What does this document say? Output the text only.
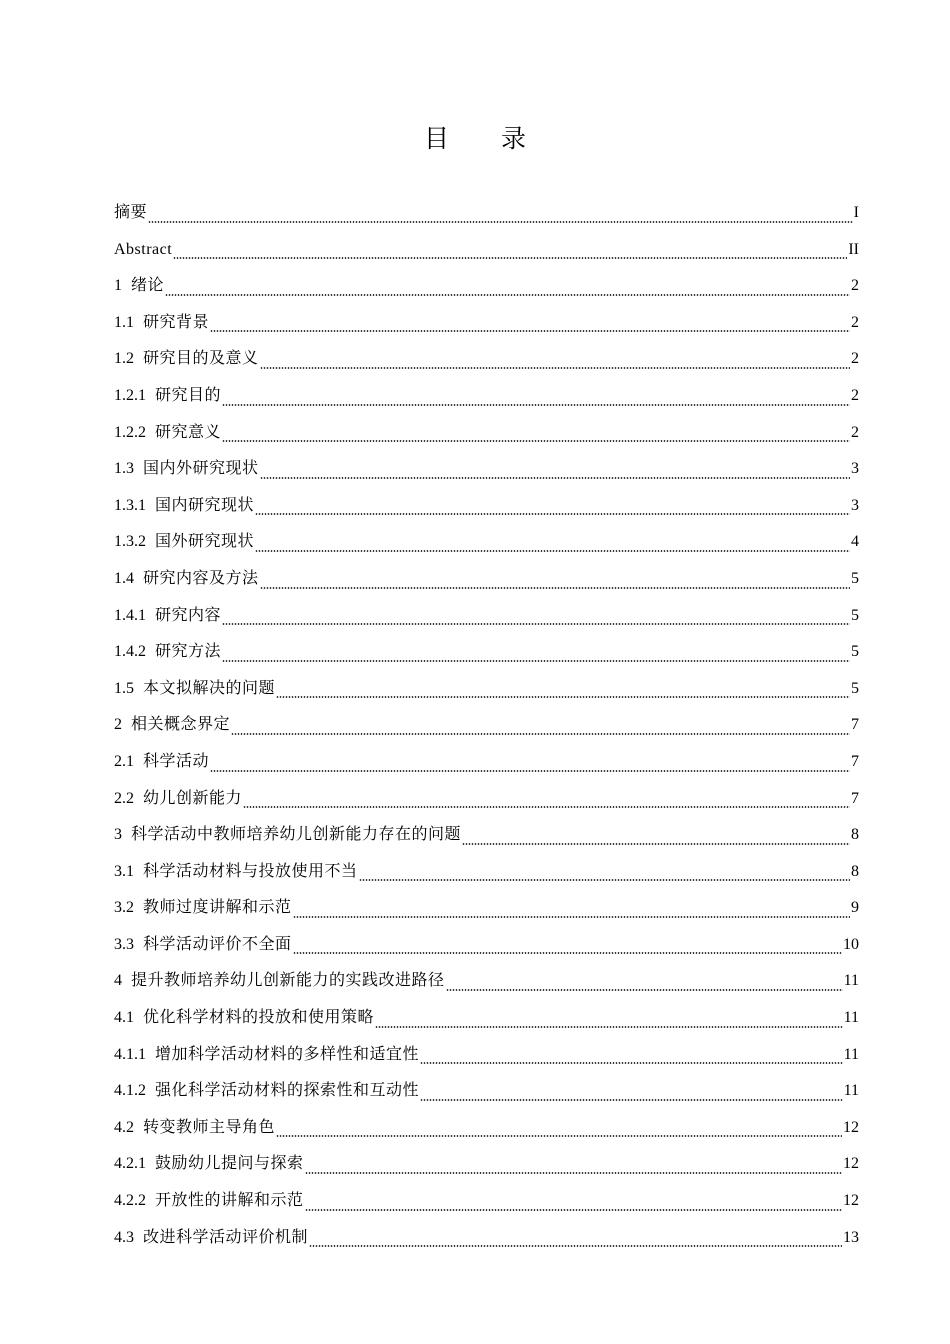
目 录
摘要	I
Abstract	II
1 绪论	2
1.1 研究背景	2
1.2 研究目的及意义	2
1.2.1 研究目的	2
1.2.2 研究意义	2
1.3 国内外研究现状	3
1.3.1 国内研究现状	3
1.3.2 国外研究现状	4
1.4 研究内容及方法	5
1.4.1 研究内容	5
1.4.2 研究方法	5
1.5 本文拟解决的问题	5
2 相关概念界定	7
2.1 科学活动	7
2.2 幼儿创新能力	7
3 科学活动中教师培养幼儿创新能力存在的问题	8
3.1 科学活动材料与投放使用不当	8
3.2 教师过度讲解和示范	9
3.3 科学活动评价不全面	10
4 提升教师培养幼儿创新能力的实践改进路径	11
4.1 优化科学材料的投放和使用策略	11
4.1.1 增加科学活动材料的多样性和适宜性	11
4.1.2 强化科学活动材料的探索性和互动性	11
4.2 转变教师主导角色	12
4.2.1 鼓励幼儿提问与探索	12
4.2.2 开放性的讲解和示范	12
4.3 改进科学活动评价机制	13
